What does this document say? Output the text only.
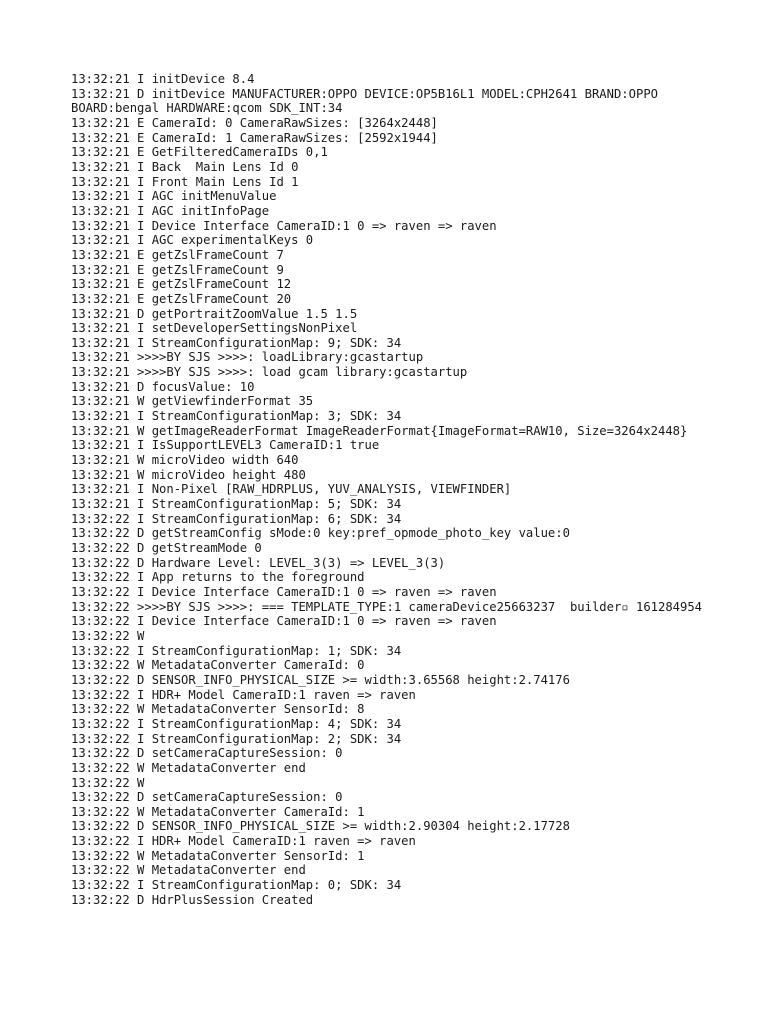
13:32:21 I initDevice 8.4
13:32:21 D initDevice MANUFACTURER:OPPO DEVICE:OP5B16L1 MODEL:CPH2641 BRAND:OPPO BOARD:bengal HARDWARE:qcom SDK_INT:34
13:32:21 E CameraId: 0 CameraRawSizes: [3264x2448]
13:32:21 E CameraId: 1 CameraRawSizes: [2592x1944]
13:32:21 E GetFilteredCameraIDs 0,1
13:32:21 I Back  Main Lens Id 0
13:32:21 I Front Main Lens Id 1
13:32:21 I AGC initMenuValue
13:32:21 I AGC initInfoPage
13:32:21 I Device Interface CameraID:1 0 => raven => raven
13:32:21 I AGC experimentalKeys 0
13:32:21 E getZslFrameCount 7
13:32:21 E getZslFrameCount 9
13:32:21 E getZslFrameCount 12
13:32:21 E getZslFrameCount 20
13:32:21 D getPortraitZoomValue 1.5 1.5
13:32:21 I setDeveloperSettingsNonPixel
13:32:21 I StreamConfigurationMap: 9; SDK: 34
13:32:21 >>>>BY SJS >>>>: loadLibrary:gcastartup
13:32:21 >>>>BY SJS >>>>: load gcam library:gcastartup
13:32:21 D focusValue: 10
13:32:21 W getViewfinderFormat 35
13:32:21 I StreamConfigurationMap: 3; SDK: 34
13:32:21 W getImageReaderFormat ImageReaderFormat{ImageFormat=RAW10, Size=3264x2448}
13:32:21 I IsSupportLEVEL3 CameraID:1 true
13:32:21 W microVideo width 640
13:32:21 W microVideo height 480
13:32:21 I Non-Pixel [RAW_HDRPLUS, YUV_ANALYSIS, VIEWFINDER]
13:32:21 I StreamConfigurationMap: 5; SDK: 34
13:32:22 I StreamConfigurationMap: 6; SDK: 34
13:32:22 D getStreamConfig sMode:0 key:pref_opmode_photo_key value:0
13:32:22 D getStreamMode 0
13:32:22 D Hardware Level: LEVEL_3(3) => LEVEL_3(3)
13:32:22 I App returns to the foreground
13:32:22 I Device Interface CameraID:1 0 => raven => raven
13:32:22 >>>>BY SJS >>>>: === TEMPLATE_TYPE:1 cameraDevice25663237  builder▫ 161284954
13:32:22 I Device Interface CameraID:1 0 => raven => raven
13:32:22 W
13:32:22 I StreamConfigurationMap: 1; SDK: 34
13:32:22 W MetadataConverter CameraId: 0
13:32:22 D SENSOR_INFO_PHYSICAL_SIZE >= width:3.65568 height:2.74176
13:32:22 I HDR+ Model CameraID:1 raven => raven
13:32:22 W MetadataConverter SensorId: 8
13:32:22 I StreamConfigurationMap: 4; SDK: 34
13:32:22 I StreamConfigurationMap: 2; SDK: 34
13:32:22 D setCameraCaptureSession: 0
13:32:22 W MetadataConverter end
13:32:22 W
13:32:22 D setCameraCaptureSession: 0
13:32:22 W MetadataConverter CameraId: 1
13:32:22 D SENSOR_INFO_PHYSICAL_SIZE >= width:2.90304 height:2.17728
13:32:22 I HDR+ Model CameraID:1 raven => raven
13:32:22 W MetadataConverter SensorId: 1
13:32:22 W MetadataConverter end
13:32:22 I StreamConfigurationMap: 0; SDK: 34
13:32:22 D HdrPlusSession Created
